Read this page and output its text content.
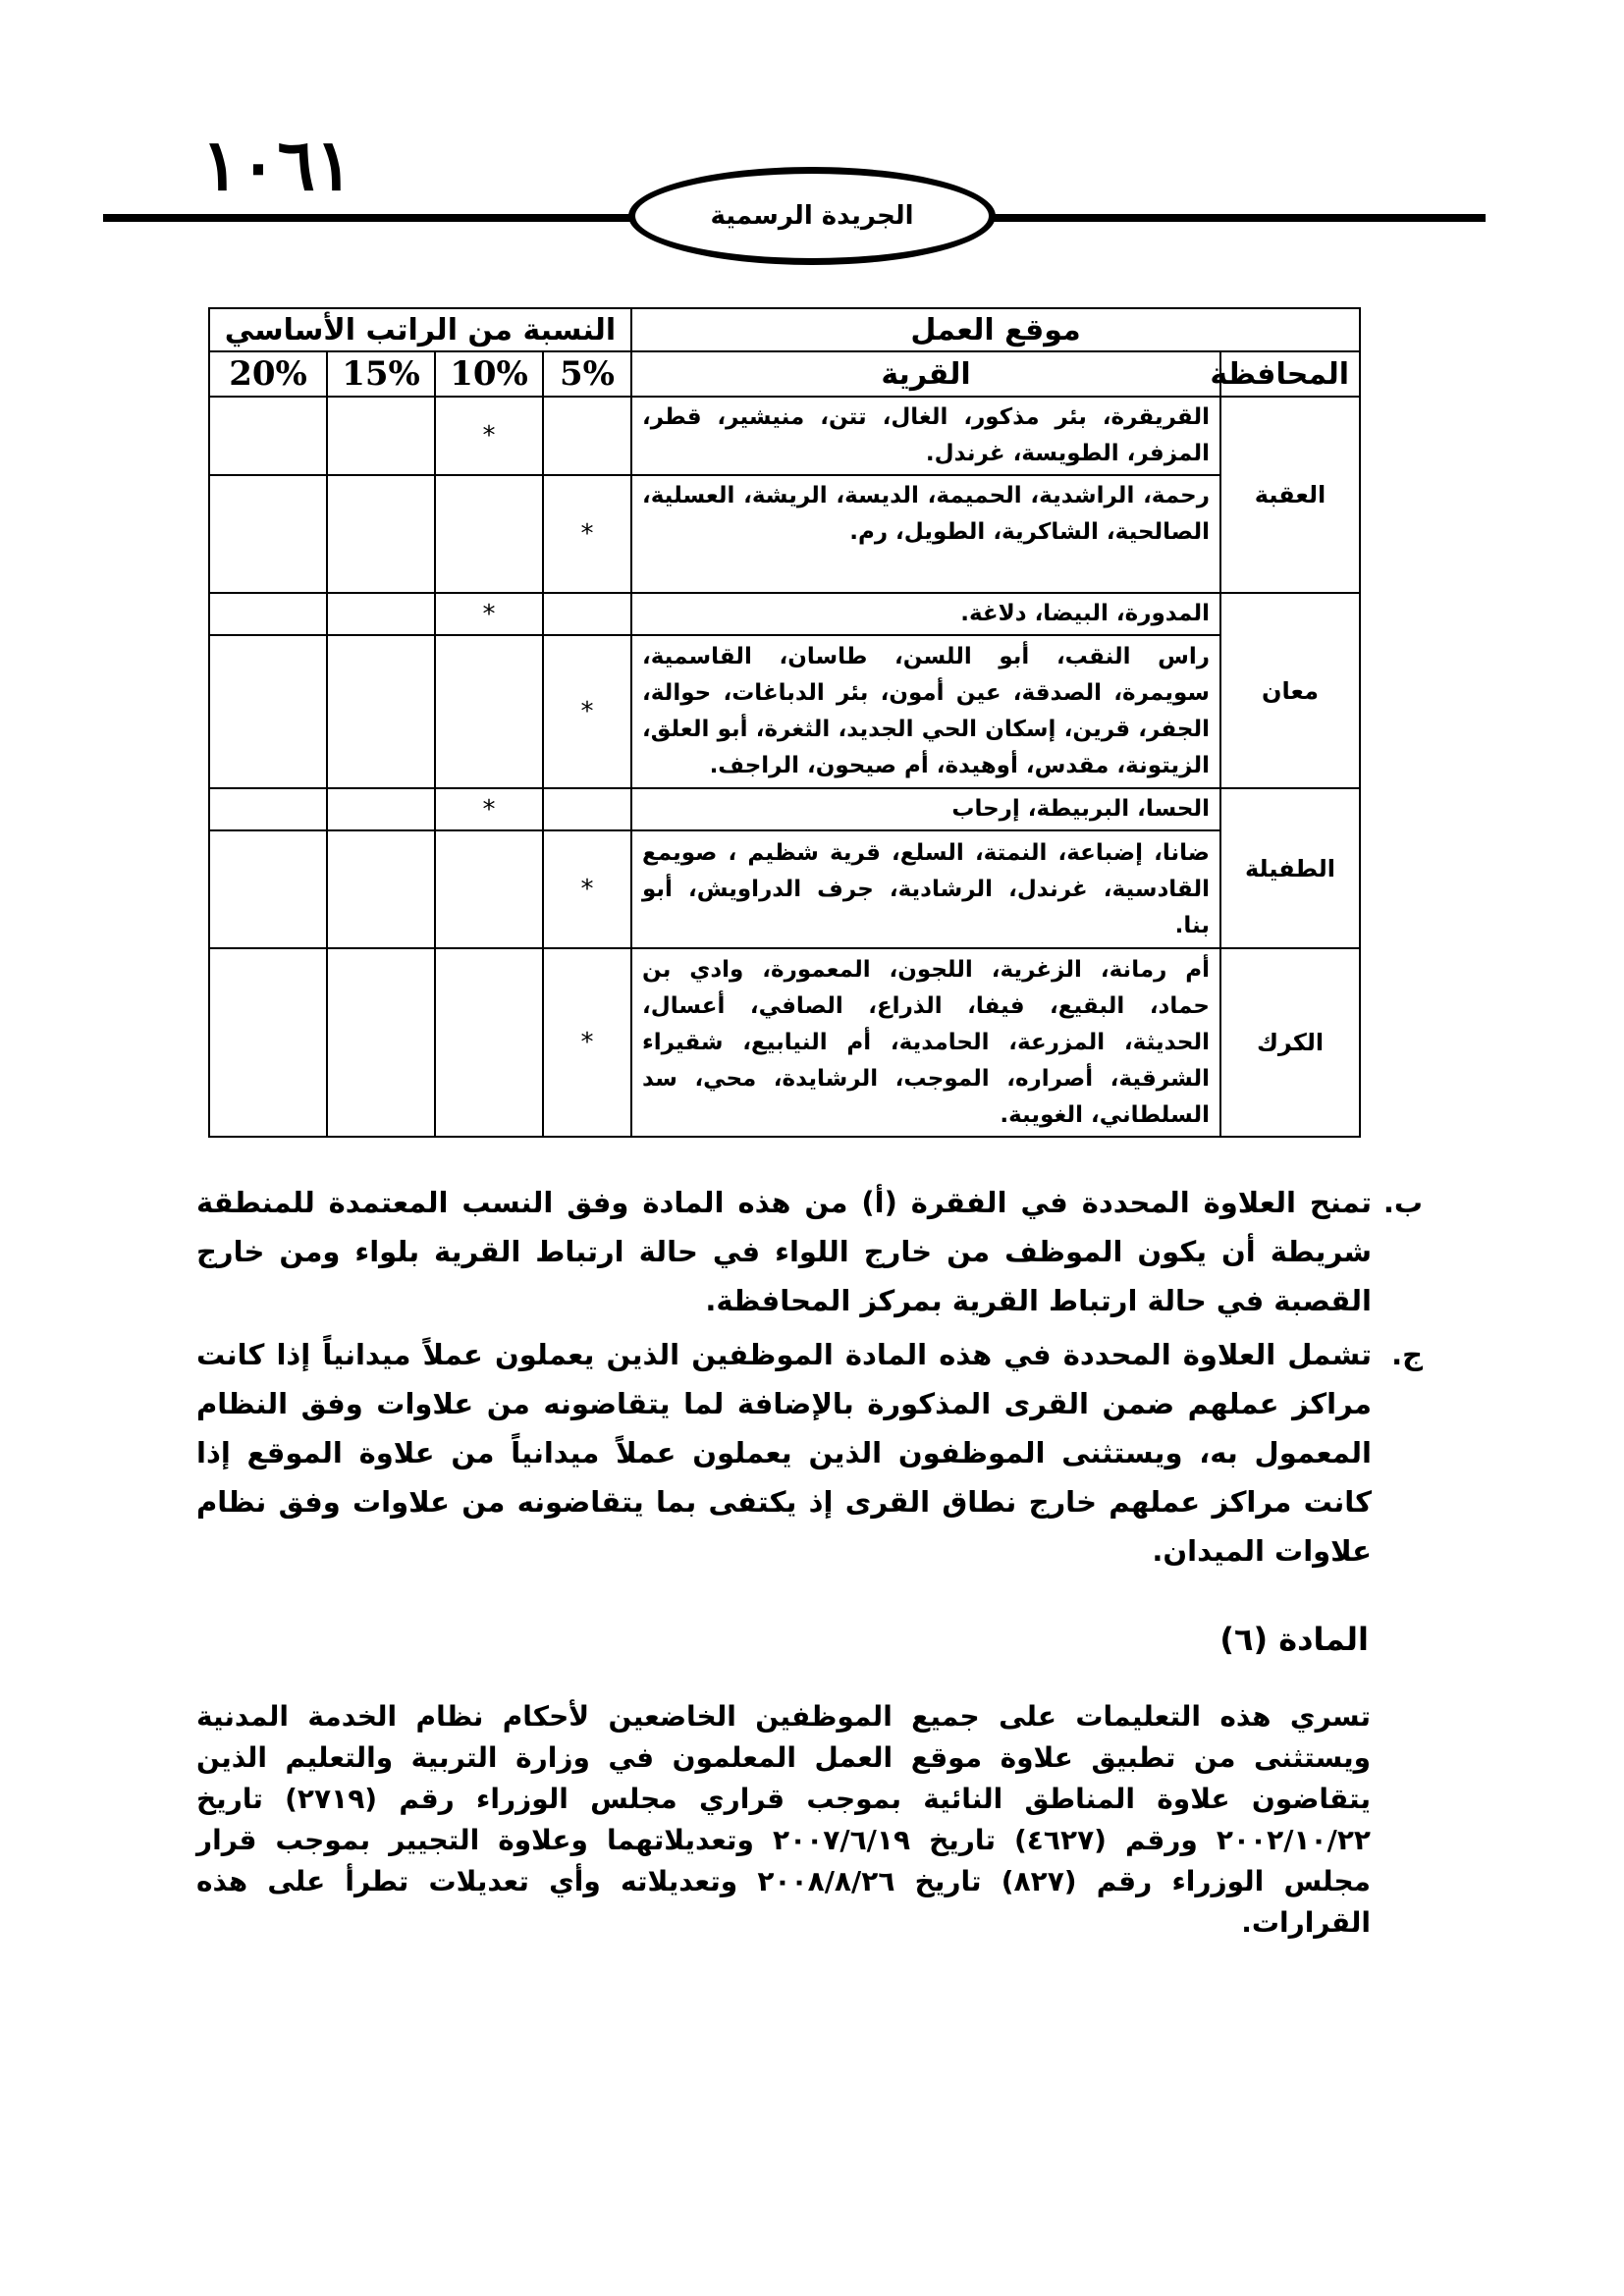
١٠٦١
الجريدة الرسمية
موقع العمل		النسبة من الراتب الأساسي			
المحافظة	القرية	5%	10%	15%	20%
العقبة	القريقرة، بئر مذكور، الغال، تتن، منيشير، قطر، المزفر، الطويسة، غرندل.		*		
	رحمة، الراشدية، الحميمة، الديسة، الريشة، العسلية، الصالحية، الشاكرية، الطويل، رم.	*			
معان	المدورة، البيضا، دلاغة.		*		
	راس النقب، أبو اللسن، طاسان، القاسمية، سويمرة، الصدقة، عين أمون، بئر الدباغات، حوالة، الجفر، قرين، إسكان الحي الجديد، الثغرة، أبو العلق، الزيتونة، مقدس، أوهيدة، أم صيحون، الراجف.	*			
الطفيلة	الحسا، البربيطة، إرحاب		*		
	ضانا، إضباعة، النمتة، السلع، قرية شظيم ، صويمع القادسية، غرندل، الرشادية، جرف الدراويش، أبو بنا.	*			
الكرك	أم رمانة، الزغرية، اللجون، المعمورة، وادي بن حماد، البقيع، فيفا، الذراع، الصافي، أعسال، الحديثة، المزرعة، الحامدية، أم النيابيع، شقيراء الشرقية، أصراره، الموجب، الرشايدة، محي، سد السلطاني، الغويبة.	*			
ب.
تمنح العلاوة المحددة في الفقرة (أ) من هذه المادة وفق النسب المعتمدة للمنطقة شريطة أن يكون الموظف من خارج اللواء في حالة ارتباط القرية بلواء ومن خارج القصبة في حالة ارتباط القرية بمركز المحافظة.
ج.
تشمل العلاوة المحددة في هذه المادة الموظفين الذين يعملون عملاً ميدانياً إذا كانت مراكز عملهم ضمن القرى المذكورة بالإضافة لما يتقاضونه من علاوات وفق النظام المعمول به، ويستثنى الموظفون الذين يعملون عملاً ميدانياً من علاوة الموقع إذا كانت مراكز عملهم خارج نطاق القرى إذ يكتفى بما يتقاضونه من علاوات وفق نظام علاوات الميدان.
المادة (٦)
تسري هذه التعليمات على جميع الموظفين الخاضعين لأحكام نظام الخدمة المدنية ويستثنى من تطبيق علاوة موقع العمل المعلمون في وزارة التربية والتعليم الذين يتقاضون علاوة المناطق النائية بموجب قراري مجلس الوزراء رقم (٢٧١٩) تاريخ ٢٠٠٢/١٠/٢٢ ورقم (٤٦٢٧) تاريخ ٢٠٠٧/٦/١٩ وتعديلاتهما وعلاوة التجيير بموجب قرار مجلس الوزراء رقم (٨٢٧) تاريخ ٢٠٠٨/٨/٢٦ وتعديلاته وأي تعديلات تطرأ على هذه القرارات.
